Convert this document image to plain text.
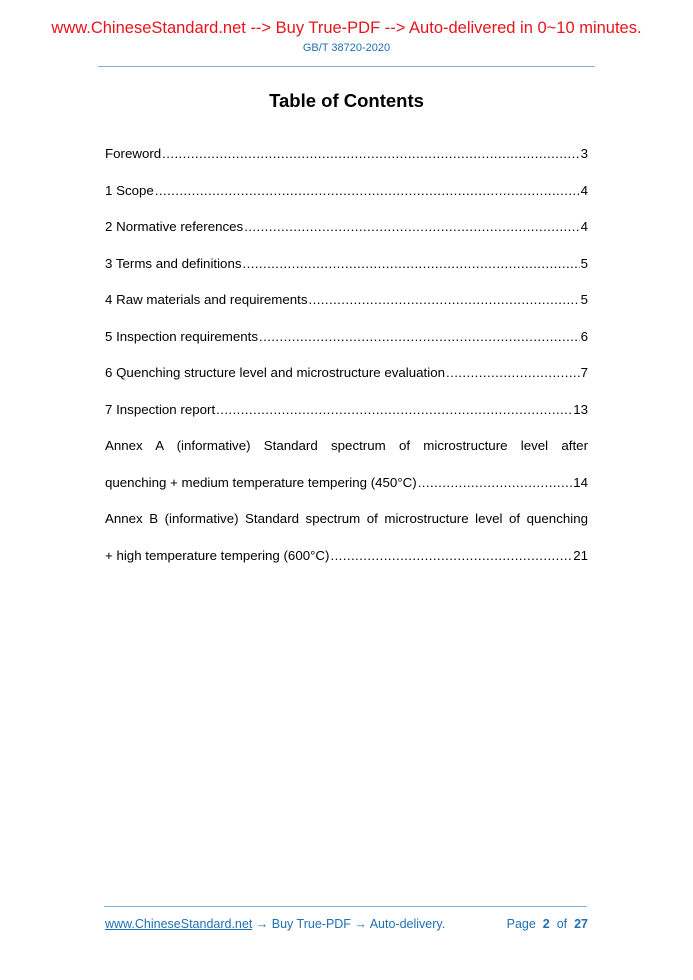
www.ChineseStandard.net --> Buy True-PDF --> Auto-delivered in 0~10 minutes.
GB/T 38720-2020
Table of Contents
Foreword .....	3
1 Scope .....	4
2 Normative references .....	4
3 Terms and definitions .....	5
4 Raw materials and requirements .....	5
5 Inspection requirements .....	6
6 Quenching structure level and microstructure evaluation .....	7
7 Inspection report .....	13
Annex A (informative) Standard spectrum of microstructure level after
quenching + medium temperature tempering (450°C) .....	14
Annex B (informative) Standard spectrum of microstructure level of quenching
+ high temperature tempering (600°C) .....	21
www.ChineseStandard.net → Buy True-PDF → Auto-delivery.	Page 2 of 27
